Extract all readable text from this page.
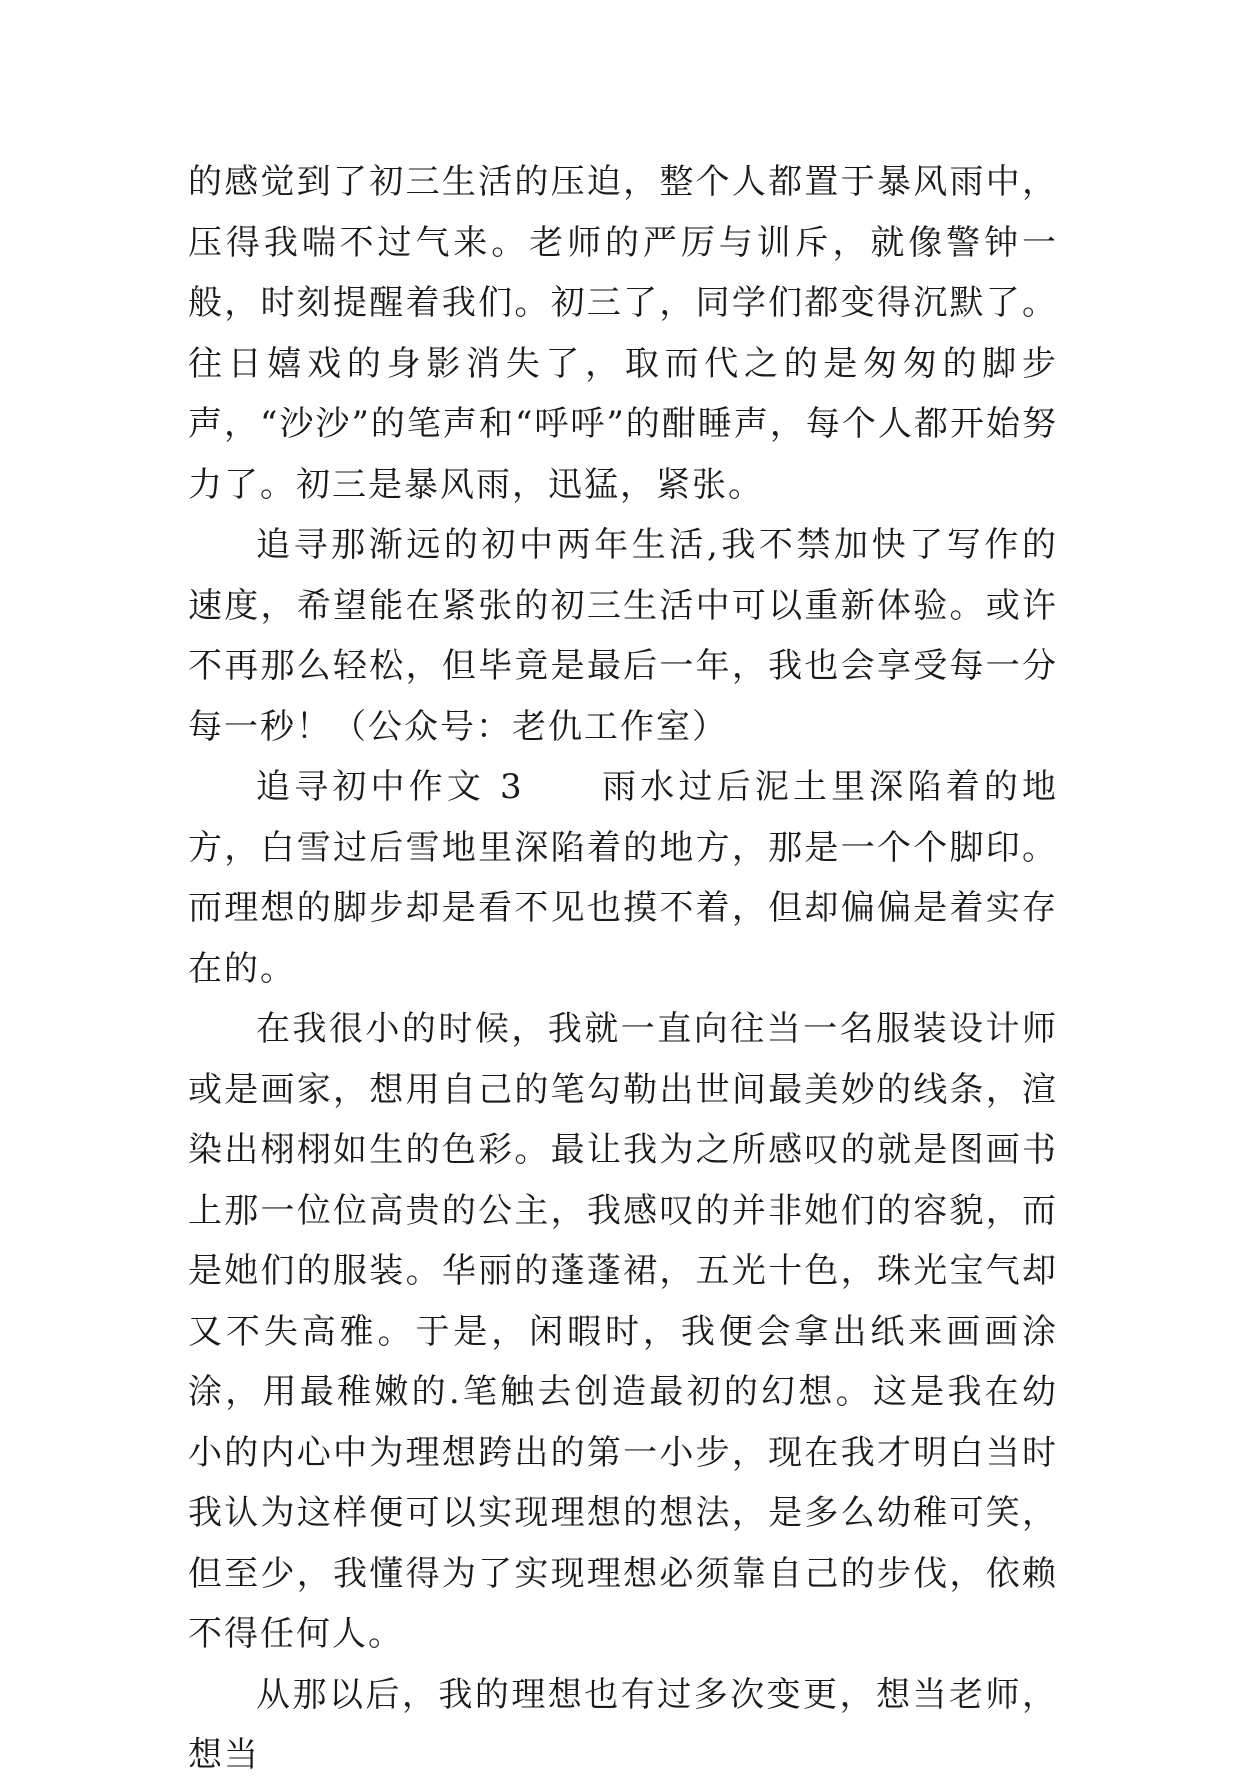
的感觉到了初三生活的压迫，整个人都置于暴风雨中，压得我喘不过气来。老师的严厉与训斥，就像警钟一般，时刻提醒着我们。初三了，同学们都变得沉默了。往日嬉戏的身影消失了，取而代之的是匆匆的脚步声，“沙沙”的笔声和“呼呼”的酣睡声，每个人都开始努力了。初三是暴风雨，迅猛，紧张。

追寻那渐远的初中两年生活,我不禁加快了写作的速度，希望能在紧张的初三生活中可以重新体验。或许不再那么轻松，但毕竟是最后一年，我也会享受每一分每一秒！（公众号：老仇工作室）

追寻初中作文 3　　雨水过后泥土里深陷着的地方，白雪过后雪地里深陷着的地方，那是一个个脚印。而理想的脚步却是看不见也摸不着，但却偏偏是着实存在的。

在我很小的时候，我就一直向往当一名服装设计师或是画家，想用自己的笔勾勒出世间最美妙的线条，渲染出栩栩如生的色彩。最让我为之所感叹的就是图画书上那一位位高贵的公主，我感叹的并非她们的容貌，而是她们的服装。华丽的蓬蓬裙，五光十色，珠光宝气却又不失高雅。于是，闲暇时，我便会拿出纸来画画涂涂，用最稚嫩的.笔触去创造最初的幻想。这是我在幼小的内心中为理想跨出的第一小步，现在我才明白当时我认为这样便可以实现理想的想法，是多么幼稚可笑，但至少，我懂得为了实现理想必须靠自己的步伐，依赖不得任何人。

从那以后，我的理想也有过多次变更，想当老师，想当
